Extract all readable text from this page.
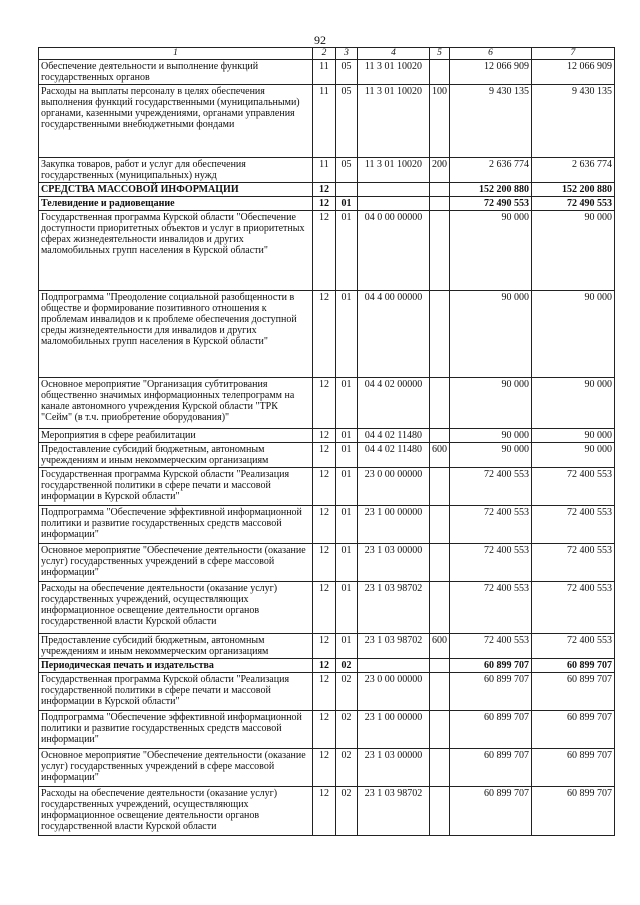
92
1	2	3	4	5	6	7
Обеспечение деятельности и выполнение функций государственных органов	11	05	11 3 01 10020		12 066 909	12 066 909
Расходы на выплаты персоналу в целях обеспечения выполнения функций государственными (муниципальными) органами, казенными учреждениями, органами управления государственными внебюджетными фондами	11	05	11 3 01 10020	100	9 430 135	9 430 135
Закупка товаров, работ и услуг для обеспечения государственных (муниципальных) нужд	11	05	11 3 01 10020	200	2 636 774	2 636 774
СРЕДСТВА МАССОВОЙ ИНФОРМАЦИИ	12				152 200 880	152 200 880
Телевидение и радиовещание	12	01			72 490 553	72 490 553
Государственная программа Курской области "Обеспечение доступности приоритетных объектов и услуг в приоритетных сферах жизнедеятельности инвалидов и других маломобильных групп населения в Курской области"	12	01	04 0 00 00000		90 000	90 000
Подпрограмма "Преодоление социальной разобщенности в обществе и формирование позитивного отношения к проблемам инвалидов и к проблеме обеспечения доступной среды жизнедеятельности для инвалидов и других маломобильных групп населения в Курской области"	12	01	04 4 00 00000		90 000	90 000
Основное мероприятие "Организация субтитрования общественно значимых информационных телепрограмм на канале автономного учреждения Курской области "ТРК "Сейм" (в т.ч. приобретение оборудования)"	12	01	04 4 02 00000		90 000	90 000
Мероприятия в сфере реабилитации	12	01	04 4 02 11480		90 000	90 000
Предоставление субсидий бюджетным, автономным учреждениям и иным некоммерческим организациям	12	01	04 4 02 11480	600	90 000	90 000
Государственная программа Курской области "Реализация государственной политики в сфере печати и массовой информации в Курской области"	12	01	23 0 00 00000		72 400 553	72 400 553
Подпрограмма "Обеспечение эффективной информационной политики и развитие государственных средств массовой информации"	12	01	23 1 00 00000		72 400 553	72 400 553
Основное мероприятие "Обеспечение деятельности (оказание услуг) государственных учреждений в сфере массовой информации"	12	01	23 1 03 00000		72 400 553	72 400 553
Расходы на обеспечение деятельности (оказание услуг) государственных учреждений, осуществляющих информационное освещение деятельности органов государственной власти Курской области	12	01	23 1 03 98702		72 400 553	72 400 553
Предоставление субсидий бюджетным, автономным учреждениям и иным некоммерческим организациям	12	01	23 1 03 98702	600	72 400 553	72 400 553
Периодическая печать и издательства	12	02			60 899 707	60 899 707
Государственная программа Курской области "Реализация государственной политики в сфере печати и массовой информации в Курской области"	12	02	23 0 00 00000		60 899 707	60 899 707
Подпрограмма "Обеспечение эффективной информационной политики и развитие государственных средств массовой информации"	12	02	23 1 00 00000		60 899 707	60 899 707
Основное мероприятие "Обеспечение деятельности (оказание услуг) государственных учреждений в сфере массовой информации"	12	02	23 1 03 00000		60 899 707	60 899 707
Расходы на обеспечение деятельности (оказание услуг) государственных учреждений, осуществляющих информационное освещение деятельности органов государственной власти Курской области	12	02	23 1 03 98702		60 899 707	60 899 707
